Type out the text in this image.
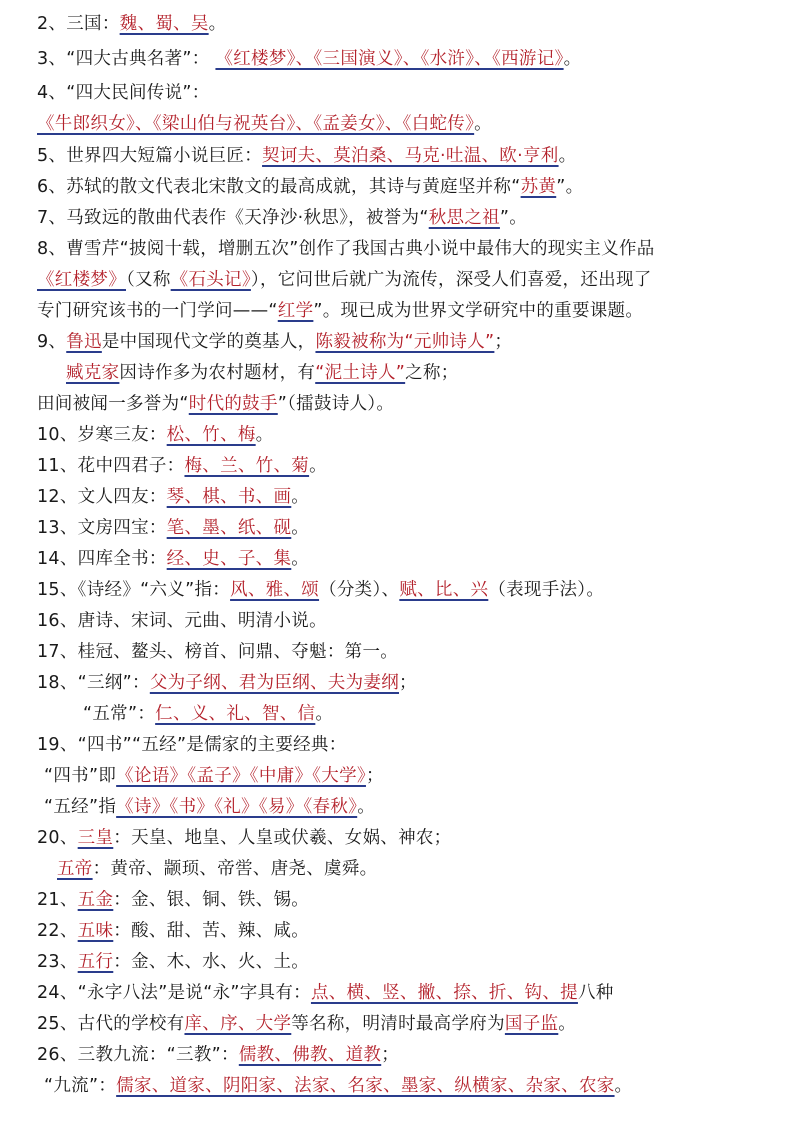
2、三国：魏、蜀、吴。
3、“四大古典名著”： 《红楼梦》、《三国演义》、《水浒》、《西游记》。
4、“四大民间传说”：
《牛郎织女》、《梁山伯与祝英台》、《孟姜女》、《白蛇传》。
5、世界四大短篇小说巨匠：契诃夫、莫泊桑、马克·吐温、欧·亨利。
6、苏轼的散文代表北宋散文的最高成就，其诗与黄庭坚并称“苏黄”。
7、马致远的散曲代表作《天净沙·秋思》，被誉为“秋思之祖”。
8、曹雪芹“披阅十载，增删五次”创作了我国古典小说中最伟大的现实主义作品
《红楼梦》（又称《石头记》），它问世后就广为流传，深受人们喜爱，还出现了
专门研究该书的一门学问——“红学”。现已成为世界文学研究中的重要课题。
9、鲁迅是中国现代文学的奠基人，陈毅被称为“元帅诗人”；
臧克家因诗作多为农村题材，有“泥土诗人”之称；
田间被闻一多誉为“时代的鼓手”（擂鼓诗人）。
10、岁寒三友：松、竹、梅。
11、花中四君子：梅、兰、竹、菊。
12、文人四友：琴、棋、书、画。
13、文房四宝：笔、墨、纸、砚。
14、四库全书：经、史、子、集。
15、《诗经》“六义”指：风、雅、颂（分类）、赋、比、兴（表现手法）。
16、唐诗、宋词、元曲、明清小说。
17、桂冠、鳌头、榜首、问鼎、夺魁：第一。
18、“三纲”：父为子纲、君为臣纲、夫为妻纲；
“五常”：仁、义、礼、智、信。
19、“四书”“五经”是儒家的主要经典：
“四书”即《论语》《孟子》《中庸》《大学》；
“五经”指《诗》《书》《礼》《易》《春秋》。
20、三皇：天皇、地皇、人皇或伏羲、女娲、神农；
五帝：黄帝、颛顼、帝喾、唐尧、虞舜。
21、五金：金、银、铜、铁、锡。
22、五味：酸、甜、苦、辣、咸。
23、五行：金、木、水、火、土。
24、“永字八法”是说“永”字具有：点、横、竖、撇、捺、折、钩、提八种
25、古代的学校有庠、序、大学等名称，明清时最高学府为国子监。
26、三教九流：“三教”：儒教、佛教、道教；
“九流”：儒家、道家、阴阳家、法家、名家、墨家、纵横家、杂家、农家。
